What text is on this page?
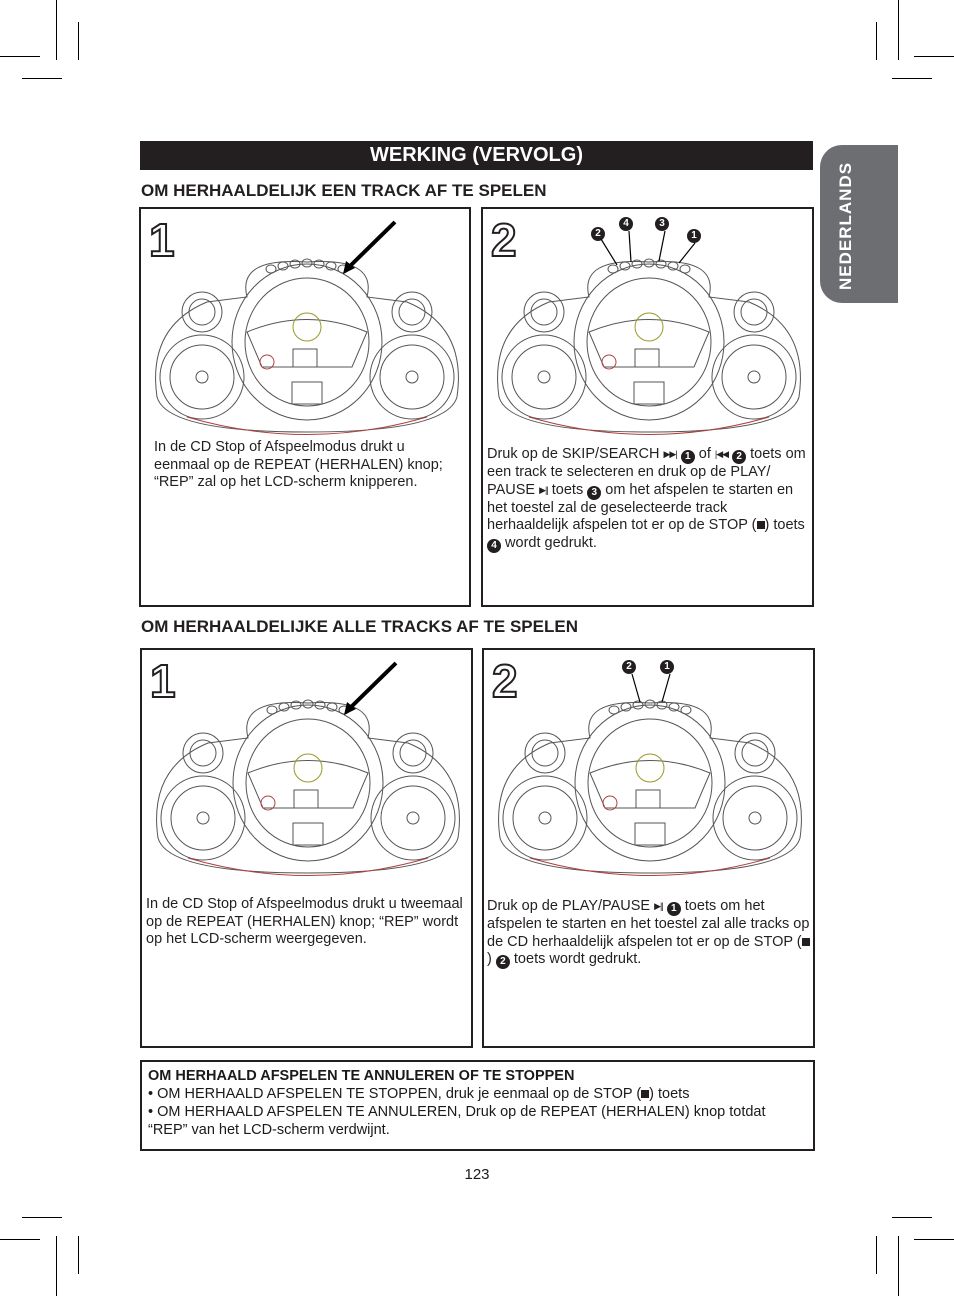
WERKING (VERVOLG)
NEDERLANDS
OM HERHAALDELIJK EEN TRACK AF TE SPELEN
1
In de CD Stop of Afspeelmodus drukt u eenmaal op de REPEAT (HERHALEN) knop; “REP” zal op het LCD-scherm knipperen.
2	2
4	3
1
Druk op de SKIP/SEARCH ▶▶| 1 of |◀◀ 2 toets om een track te selecteren en druk op de PLAY/ PAUSE ▶|| toets 3 om het afspelen te starten en het toestel zal de geselecteerde track herhaaldelijk afspelen tot er op de STOP ( ) toets 4 wordt gedrukt.
OM HERHAALDELIJKE ALLE TRACKS AF TE SPELEN
1
In de CD Stop of Afspeelmodus drukt u tweemaal op de REPEAT (HERHALEN) knop; “REP” wordt op het LCD-scherm weergegeven.
2	2	1
Druk op de PLAY/PAUSE ▶|| 1 toets om het afspelen te starten en het toestel zal alle tracks op de CD herhaaldelijk afspelen tot er op de STOP () 2 toets wordt gedrukt.
OM HERHAALD AFSPELEN TE ANNULEREN OF TE STOPPEN
• OM HERHAALD AFSPELEN TE STOPPEN, druk je eenmaal op de STOP ( ) toets
• OM HERHAALD AFSPELEN TE ANNULEREN, Druk op de REPEAT (HERHALEN) knop totdat “REP” van het LCD-scherm verdwijnt.
123
